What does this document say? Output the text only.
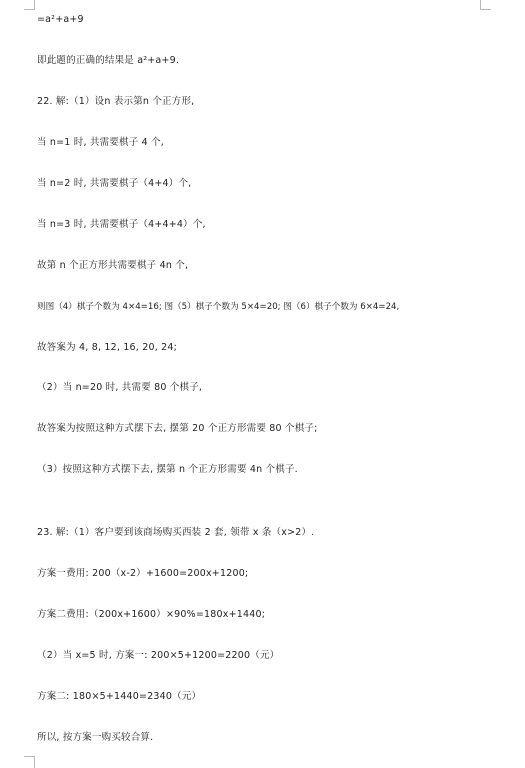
=a²+a+9
即此题的正确的结果是 a²+a+9.
22. 解:（1）设n 表示第n 个正方形,
当 n=1 时, 共需要棋子 4 个,
当 n=2 时, 共需要棋子（4+4）个,
当 n=3 时, 共需要棋子（4+4+4）个,
故第 n 个正方形共需要棋子 4n 个,
则图（4）棋子个数为 4×4=16; 图（5）棋子个数为 5×4=20; 图（6）棋子个数为 6×4=24,
故答案为 4, 8, 12, 16, 20, 24;
（2）当 n=20 时, 共需要 80 个棋子,
故答案为按照这种方式摆下去, 摆第 20 个正方形需要 80 个棋子;
（3）按照这种方式摆下去, 摆第 n 个正方形需要 4n 个棋子.
23. 解:（1）客户要到该商场购买西装 2 套, 领带 x 条（x>2）.
方案一费用: 200（x-2）+1600=200x+1200;
方案二费用:（200x+1600）×90%=180x+1440;
（2）当 x=5 时, 方案一: 200×5+1200=2200（元）
方案二: 180×5+1440=2340（元）
所以, 按方案一购买较合算.
